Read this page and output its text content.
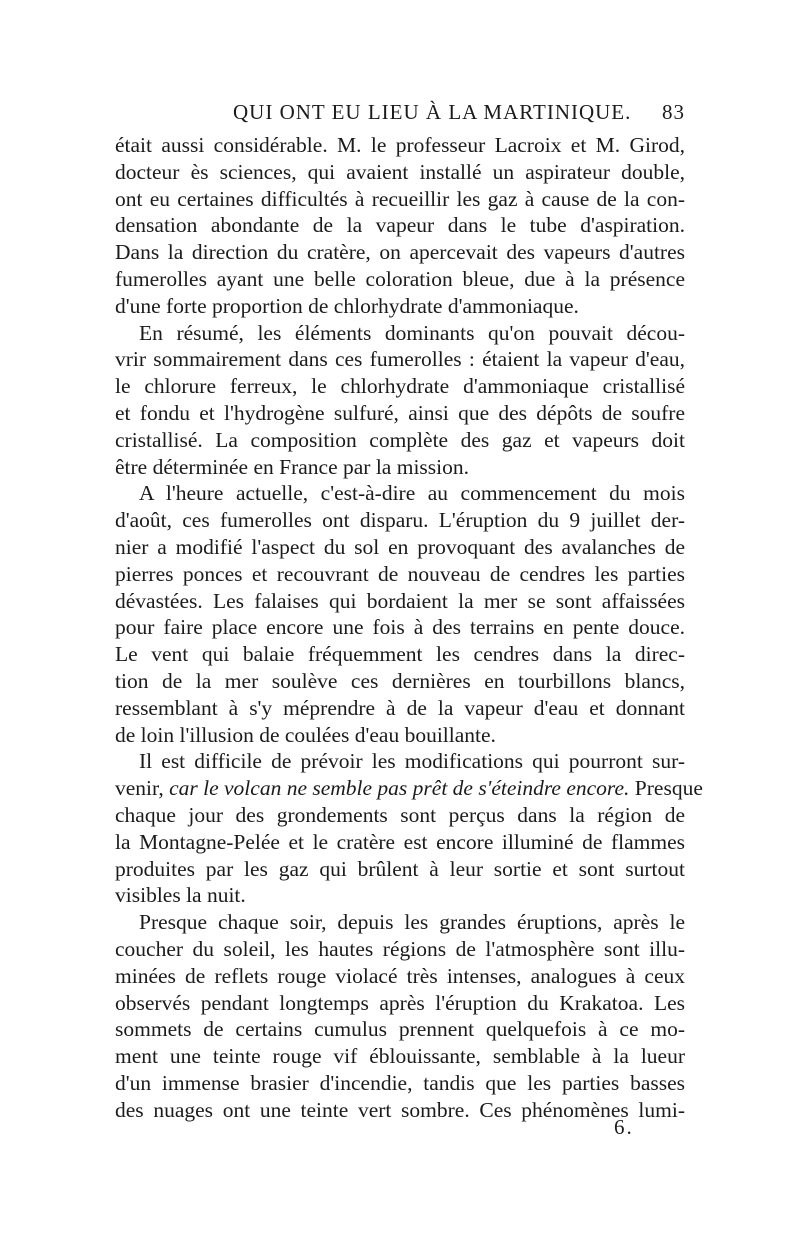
QUI ONT EU LIEU À LA MARTINIQUE. 83
était aussi considérable. M. le professeur Lacroix et M. Girod,
docteur ès sciences, qui avaient installé un aspirateur double,
ont eu certaines difficultés à recueillir les gaz à cause de la con-
densation abondante de la vapeur dans le tube d'aspiration.
Dans la direction du cratère, on apercevait des vapeurs d'autres
fumerolles ayant une belle coloration bleue, due à la présence
d'une forte proportion de chlorhydrate d'ammoniaque.
En résumé, les éléments dominants qu'on pouvait décou-
vrir sommairement dans ces fumerolles : étaient la vapeur d'eau,
le chlorure ferreux, le chlorhydrate d'ammoniaque cristallisé
et fondu et l'hydrogène sulfuré, ainsi que des dépôts de soufre
cristallisé. La composition complète des gaz et vapeurs doit
être déterminée en France par la mission.
A l'heure actuelle, c'est-à-dire au commencement du mois
d'août, ces fumerolles ont disparu. L'éruption du 9 juillet der-
nier a modifié l'aspect du sol en provoquant des avalanches de
pierres ponces et recouvrant de nouveau de cendres les parties
dévastées. Les falaises qui bordaient la mer se sont affaissées
pour faire place encore une fois à des terrains en pente douce.
Le vent qui balaie fréquemment les cendres dans la direc-
tion de la mer soulève ces dernières en tourbillons blancs,
ressemblant à s'y méprendre à de la vapeur d'eau et donnant
de loin l'illusion de coulées d'eau bouillante.
Il est difficile de prévoir les modifications qui pourront sur-
venir, car le volcan ne semble pas prêt de s'éteindre encore. Presque
chaque jour des grondements sont perçus dans la région de
la Montagne-Pelée et le cratère est encore illuminé de flammes
produites par les gaz qui brûlent à leur sortie et sont surtout
visibles la nuit.
Presque chaque soir, depuis les grandes éruptions, après le
coucher du soleil, les hautes régions de l'atmosphère sont illu-
minées de reflets rouge violacé très intenses, analogues à ceux
observés pendant longtemps après l'éruption du Krakatoa. Les
sommets de certains cumulus prennent quelquefois à ce mo-
ment une teinte rouge vif éblouissante, semblable à la lueur
d'un immense brasier d'incendie, tandis que les parties basses
des nuages ont une teinte vert sombre. Ces phénomènes lumi-
6.
